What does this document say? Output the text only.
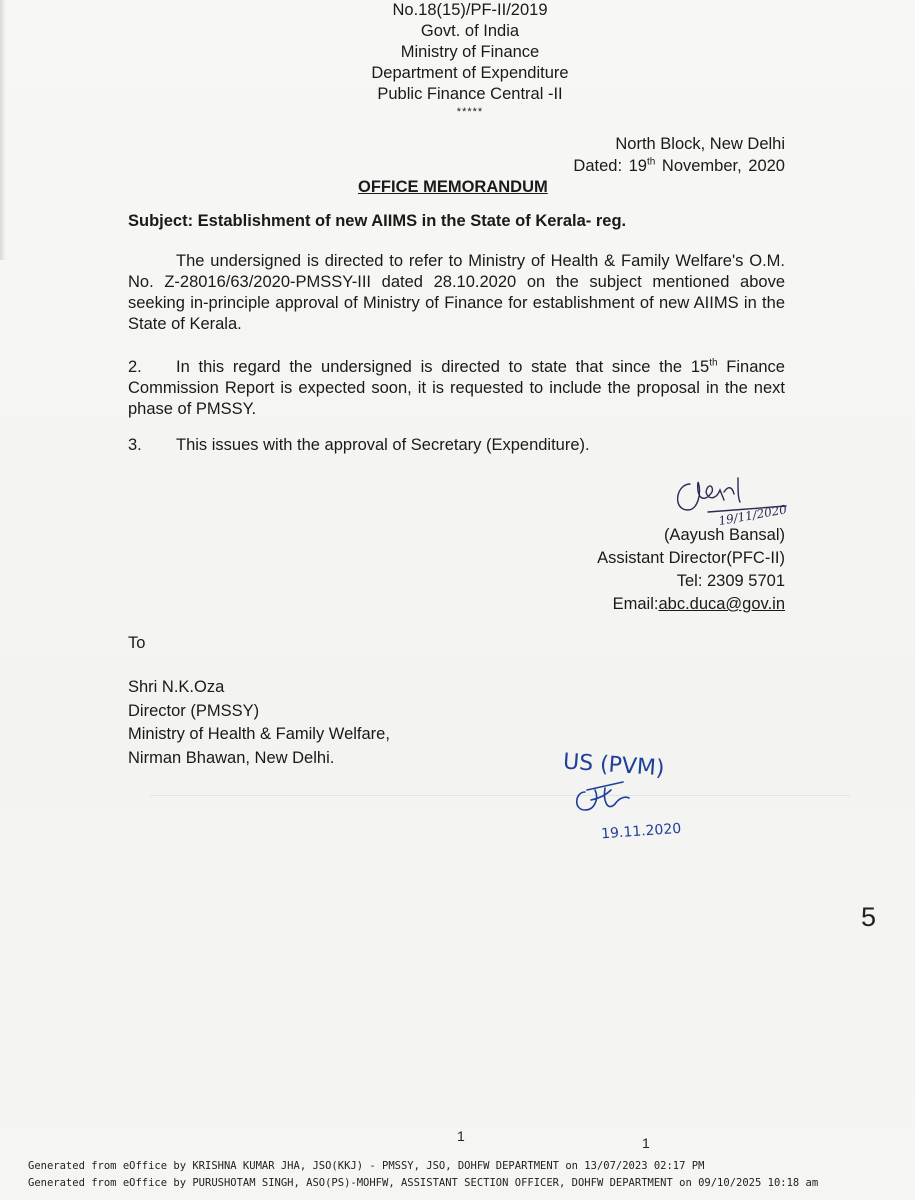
No.18(15)/PF-II/2019
Govt. of India
Ministry of Finance
Department of Expenditure
Public Finance Central -II
*****
North Block, New Delhi
Dated: 19th November, 2020
OFFICE MEMORANDUM
Subject: Establishment of new AIIMS in the State of Kerala- reg.
The undersigned is directed to refer to Ministry of Health & Family Welfare's O.M. No. Z-28016/63/2020-PMSSY-III dated 28.10.2020 on the subject mentioned above seeking in-principle approval of Ministry of Finance for establishment of new AIIMS in the State of Kerala.
2. In this regard the undersigned is directed to state that since the 15th Finance Commission Report is expected soon, it is requested to include the proposal in the next phase of PMSSY.
3. This issues with the approval of Secretary (Expenditure).
19/11/2020
(Aayush Bansal)
Assistant Director(PFC-II)
Tel: 2309 5701
Email:abc.duca@gov.in
To
Shri N.K.Oza
Director (PMSSY)
Ministry of Health & Family Welfare,
Nirman Bhawan, New Delhi.	US (PVM)
19.11.2020
5
1	1
Generated from eOffice by KRISHNA KUMAR JHA, JSO(KKJ) - PMSSY, JSO, DOHFW DEPARTMENT on 13/07/2023 02:17 PM
Generated from eOffice by PURUSHOTAM SINGH, ASO(PS)-MOHFW, ASSISTANT SECTION OFFICER, DOHFW DEPARTMENT on 09/10/2025 10:18 am
